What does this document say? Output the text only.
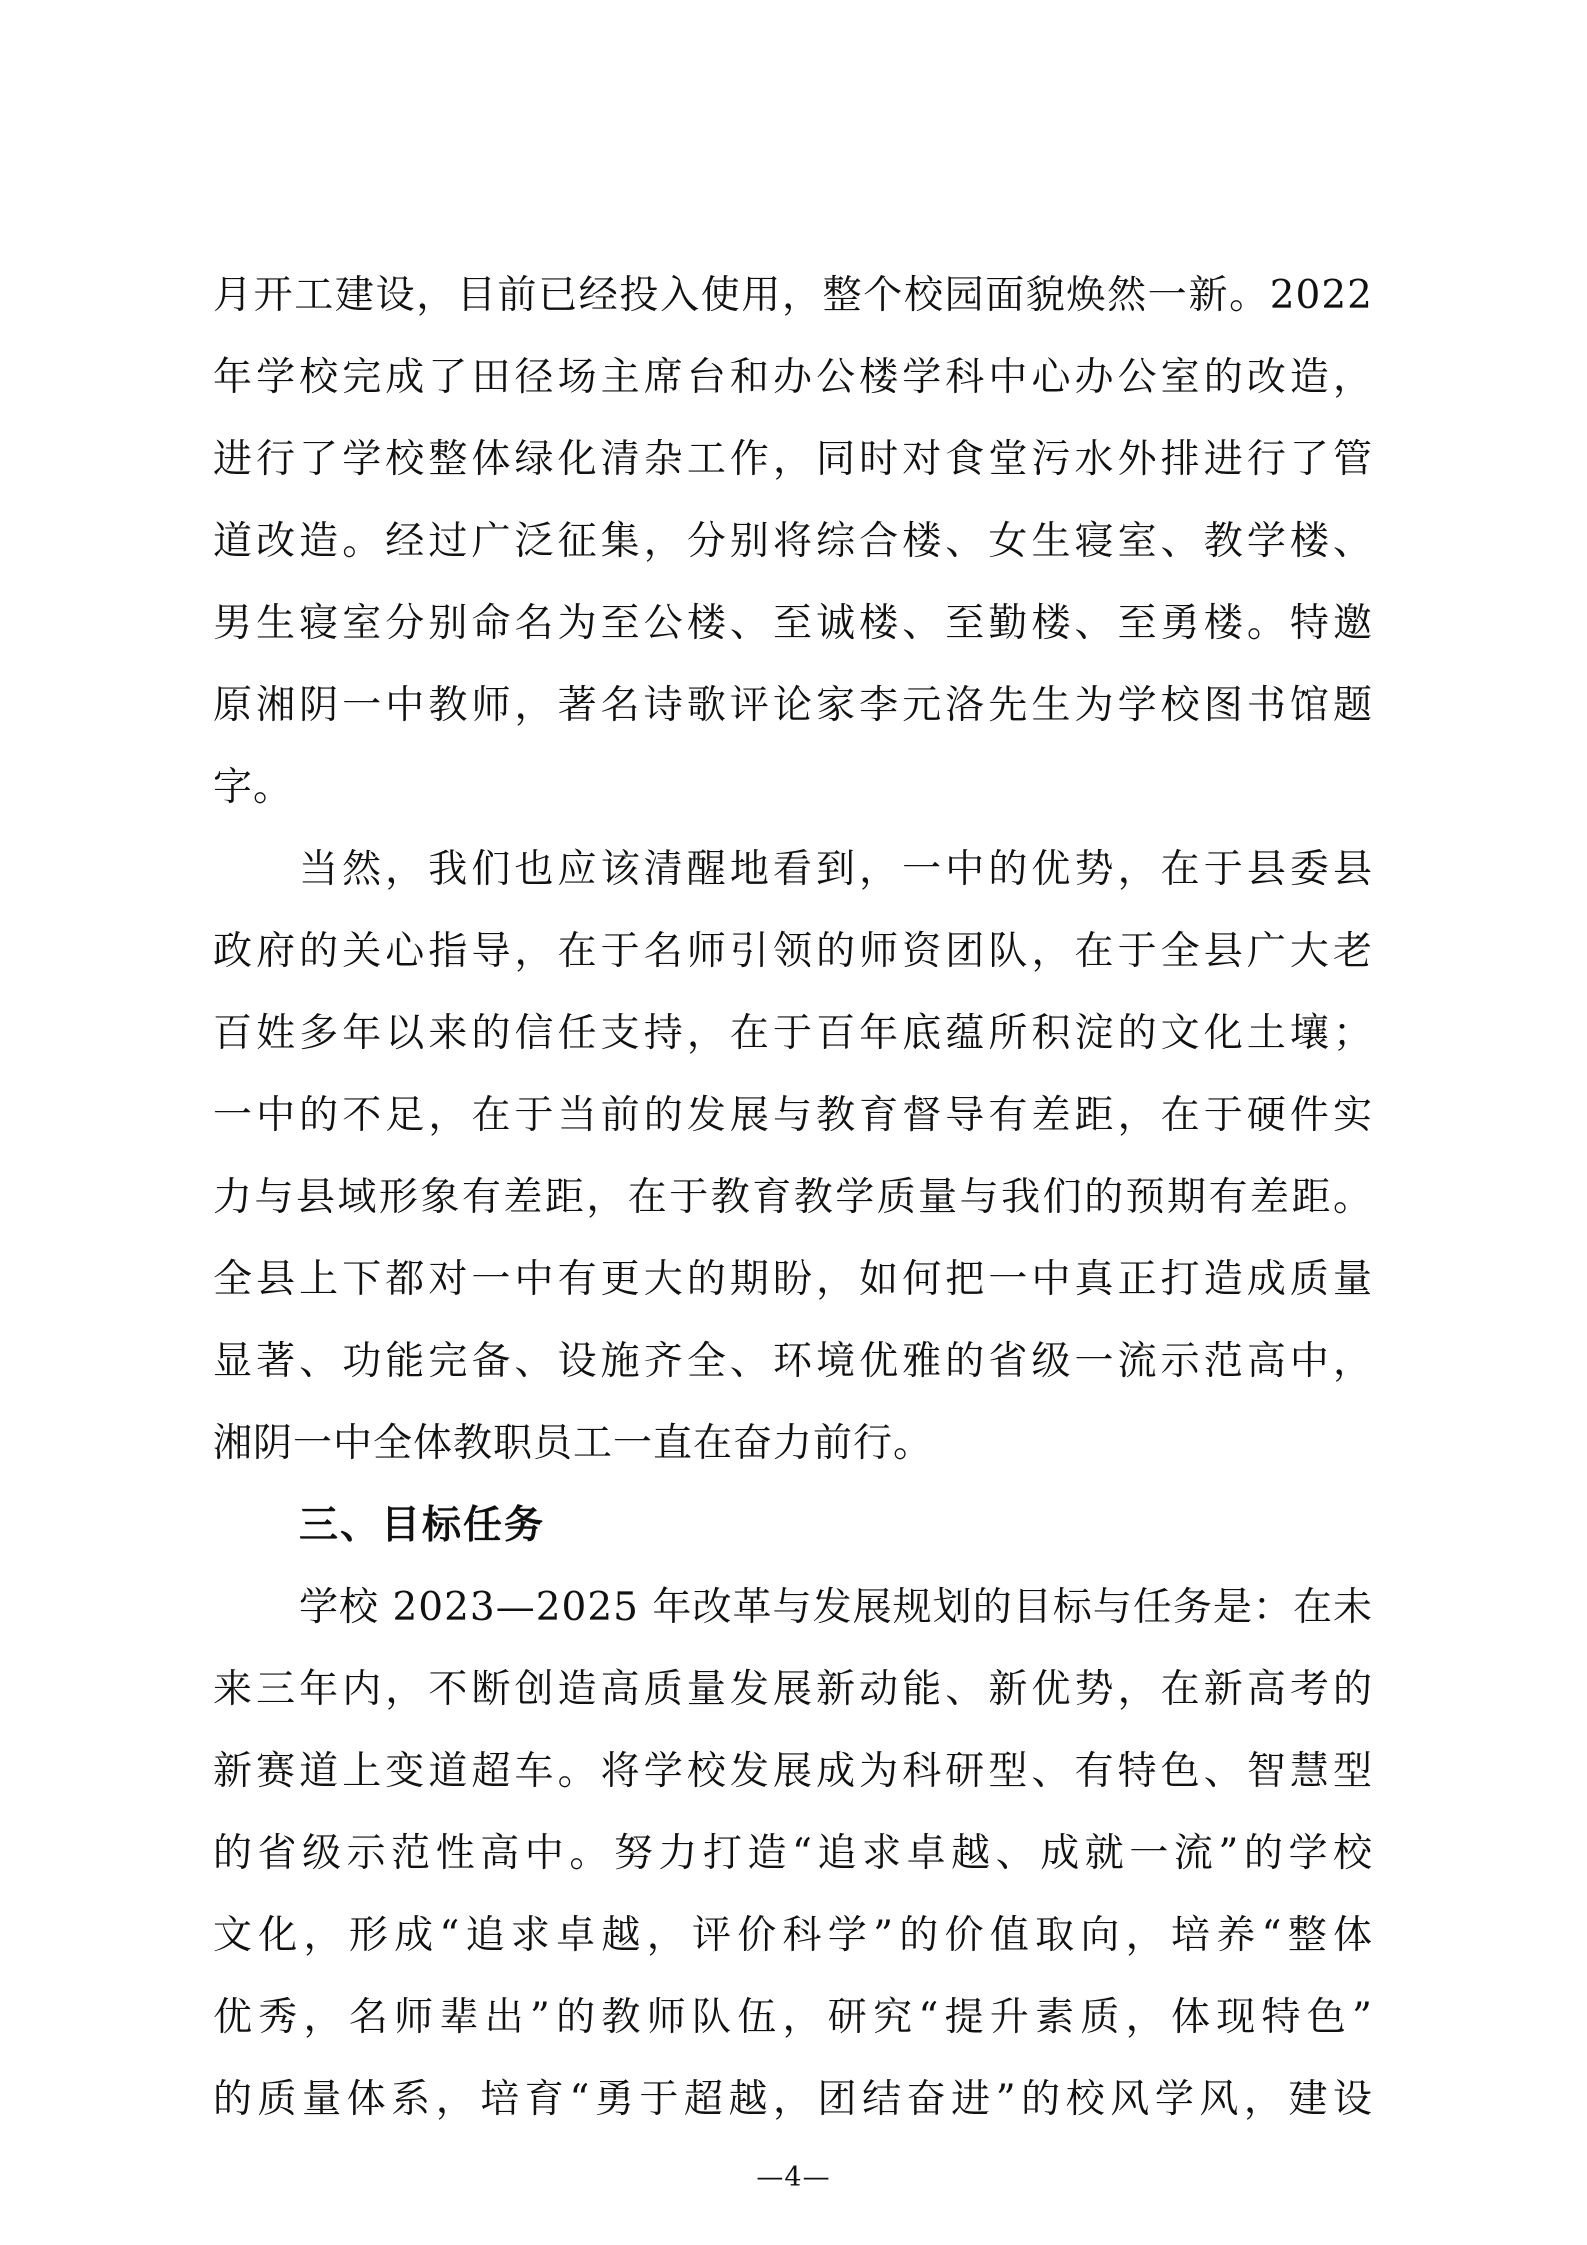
月开工建设，目前已经投入使用，整个校园面貌焕然一新。2022
年学校完成了田径场主席台和办公楼学科中心办公室的改造，
进行了学校整体绿化清杂工作，同时对食堂污水外排进行了管
道改造。经过广泛征集，分别将综合楼、女生寝室、教学楼、
男生寝室分别命名为至公楼、至诚楼、至勤楼、至勇楼。特邀
原湘阴一中教师，著名诗歌评论家李元洛先生为学校图书馆题
字。
当然，我们也应该清醒地看到，一中的优势，在于县委县
政府的关心指导，在于名师引领的师资团队，在于全县广大老
百姓多年以来的信任支持，在于百年底蕴所积淀的文化土壤；
一中的不足，在于当前的发展与教育督导有差距，在于硬件实
力与县域形象有差距，在于教育教学质量与我们的预期有差距。
全县上下都对一中有更大的期盼，如何把一中真正打造成质量
显著、功能完备、设施齐全、环境优雅的省级一流示范高中，
湘阴一中全体教职员工一直在奋力前行。
三、目标任务
学校 2023—2025 年改革与发展规划的目标与任务是：在未
来三年内，不断创造高质量发展新动能、新优势，在新高考的
新赛道上变道超车。将学校发展成为科研型、有特色、智慧型
的省级示范性高中。努力打造“追求卓越、成就一流”的学校
文化，形成“追求卓越，评价科学”的价值取向，培养“整体
优秀，名师辈出”的教师队伍，研究“提升素质，体现特色”
的质量体系，培育“勇于超越，团结奋进”的校风学风，建设
—4—
